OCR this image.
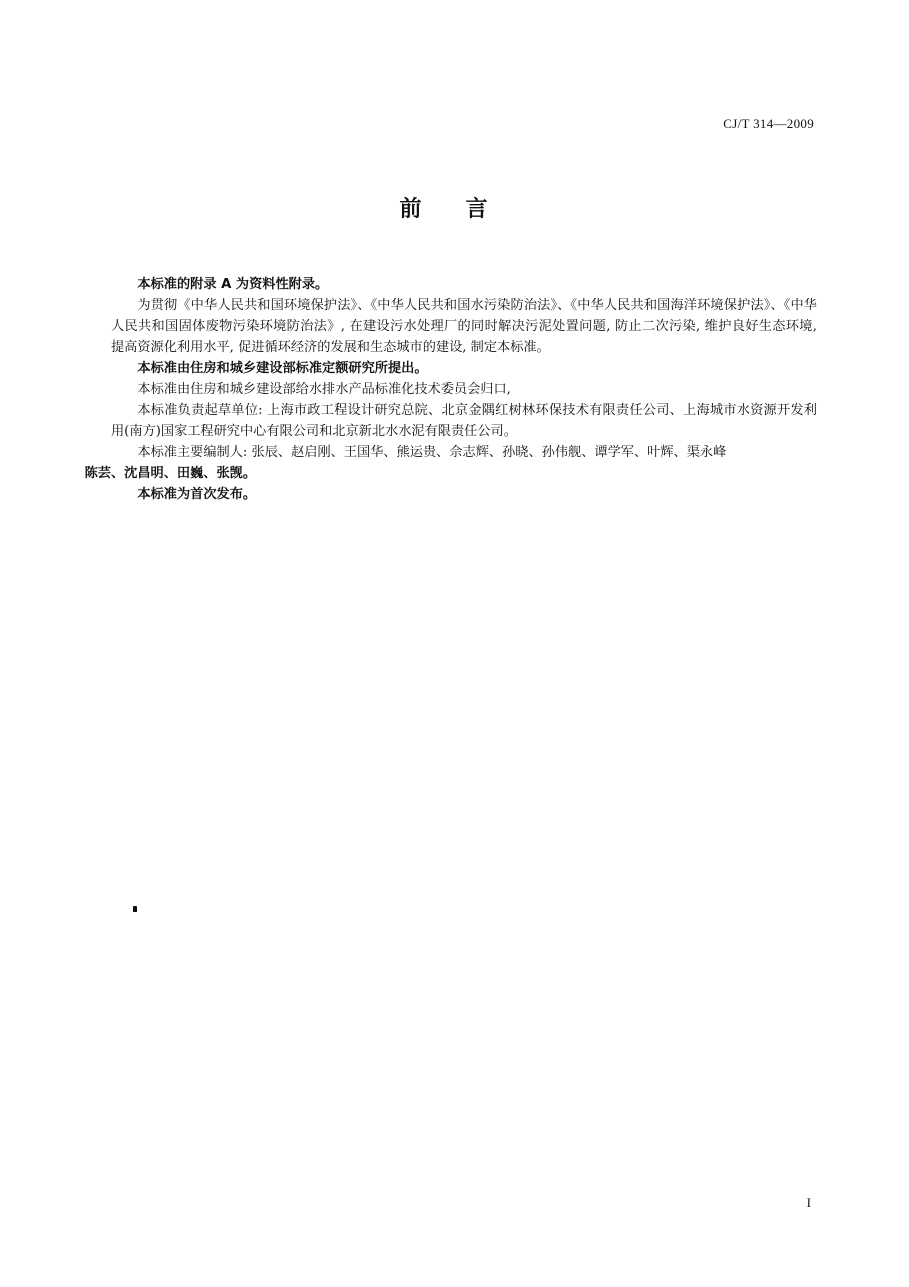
CJ/T 314—2009
前言

本标准的附录 A 为资料性附录。

为贯彻《中华人民共和国环境保护法》、《中华人民共和国水污染防治法》、《中华人民共和国海洋环境保护法》、《中华人民共和国固体废物污染环境防治法》, 在建设污水处理厂的同时解决污泥处置问题, 防止二次污染, 维护良好生态环境, 提高资源化利用水平, 促进循环经济的发展和生态城市的建设, 制定本标准。

本标准由住房和城乡建设部标准定额研究所提出。

本标准由住房和城乡建设部给水排水产品标准化技术委员会归口,

本标准负责起草单位: 上海市政工程设计研究总院、北京金隅红树林环保技术有限责任公司、上海城市水资源开发利用(南方)国家工程研究中心有限公司和北京新北水水泥有限责任公司。

本标准主要编制人: 张辰、赵启刚、王国华、熊运贵、佘志辉、孙晓、孙伟舰、谭学军、叶辉、渠永峰
陈芸、沈昌明、田巍、张觊。

本标准为首次发布。

I
